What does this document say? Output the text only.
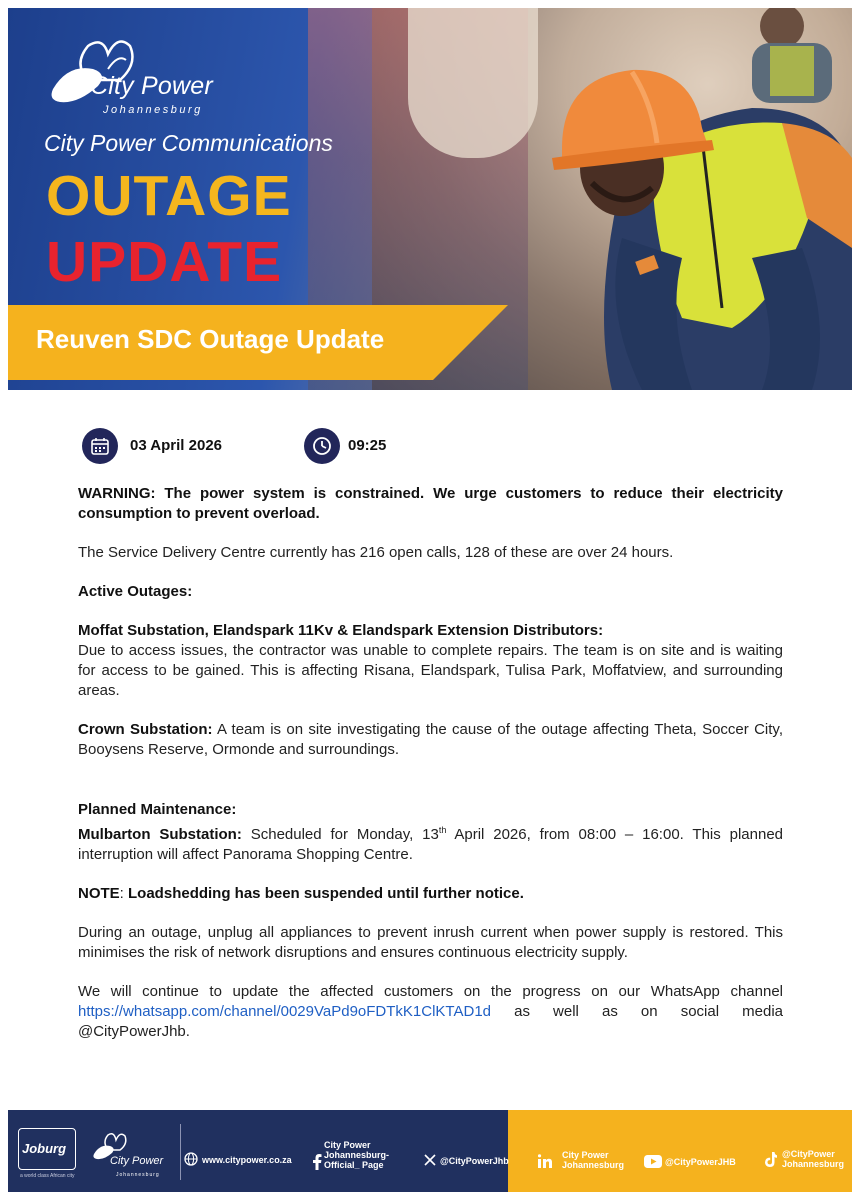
City Power
Johannesburg
City Power Communications
OUTAGE
UPDATE
Reuven SDC Outage Update
03 April 2026	09:25

WARNING: The power system is constrained. We urge customers to reduce their electricity consumption to prevent overload.

The Service Delivery Centre currently has 216 open calls, 128 of these are over 24 hours.

Active Outages:

Moffat Substation, Elandspark 11Kv & Elandspark Extension Distributors:
Due to access issues, the contractor was unable to complete repairs. The team is on site and is waiting for access to be gained. This is affecting Risana, Elandspark, Tulisa Park, Moffatview, and surrounding areas.

Crown Substation: A team is on site investigating the cause of the outage affecting Theta, Soccer City, Booysens Reserve, Ormonde and surroundings.

Planned Maintenance:
Mulbarton Substation: Scheduled for Monday, 13th April 2026, from 08:00 – 16:00. This planned interruption will affect Panorama Shopping Centre.

NOTE: Loadshedding has been suspended until further notice.

During an outage, unplug all appliances to prevent inrush current when power supply is restored. This minimises the risk of network disruptions and ensures continuous electricity supply.

We will continue to update the affected customers on the progress on our WhatsApp channel https://whatsapp.com/channel/0029VaPd9oFDTkK1ClKTAD1d as well as on social media @CityPowerJhb.

Joburg
a world class African city
City Power
Johannesburg
www.citypower.co.za
City Power
Johannesburg-
Official_ Page	@CityPowerJhb
City Power
Johannesburg	@CityPowerJHB
@CityPower
Johannesburg
